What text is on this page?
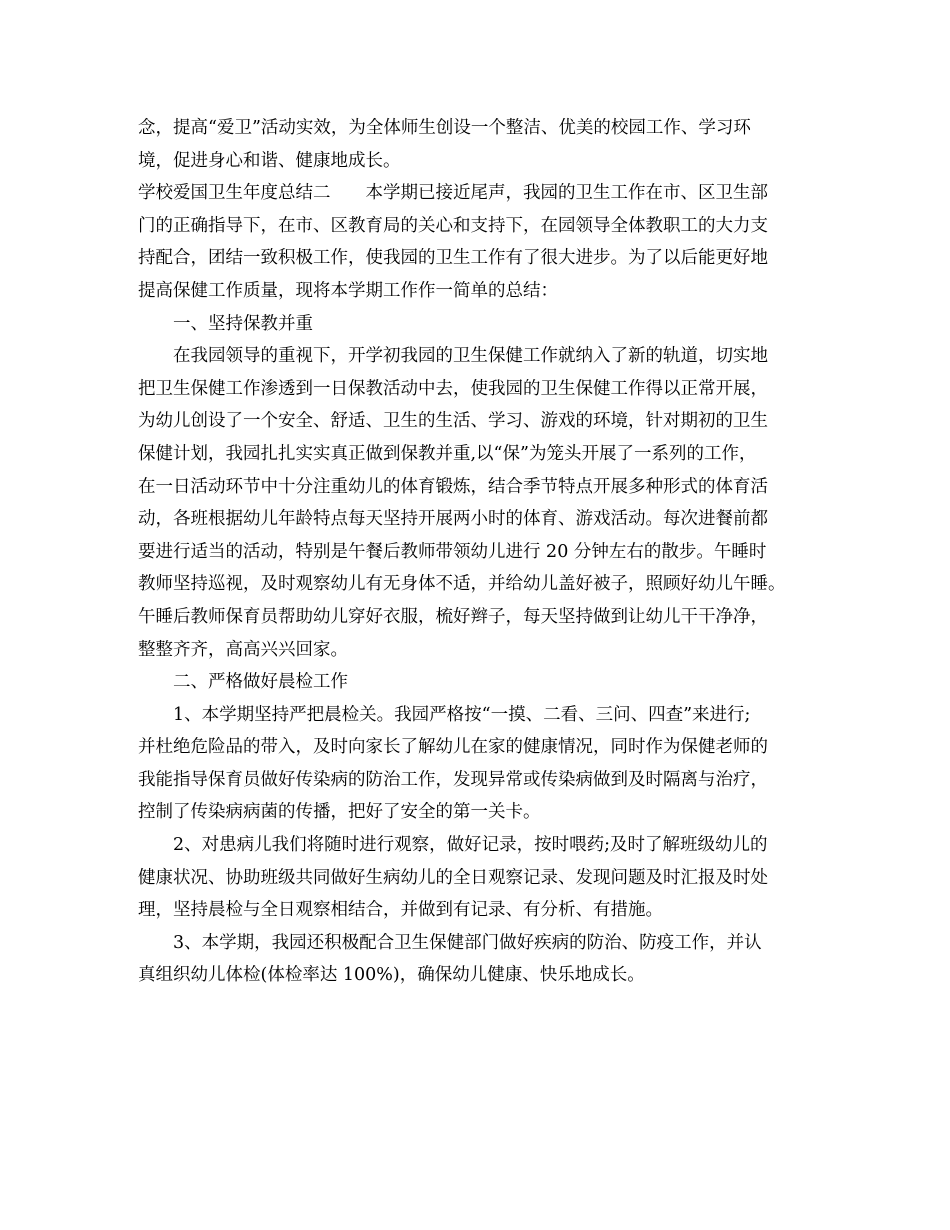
念，提高“爱卫”活动实效，为全体师生创设一个整洁、优美的校园工作、学习环
境，促进身心和谐、健康地成长。
学校爱国卫生年度总结二　　本学期已接近尾声，我园的卫生工作在市、区卫生部
门的正确指导下，在市、区教育局的关心和支持下，在园领导全体教职工的大力支
持配合，团结一致积极工作，使我园的卫生工作有了很大进步。为了以后能更好地
提高保健工作质量，现将本学期工作作一简单的总结：
一、坚持保教并重
在我园领导的重视下，开学初我园的卫生保健工作就纳入了新的轨道，切实地
把卫生保健工作渗透到一日保教活动中去，使我园的卫生保健工作得以正常开展，
为幼儿创设了一个安全、舒适、卫生的生活、学习、游戏的环境，针对期初的卫生
保健计划，我园扎扎实实真正做到保教并重,以“保”为笼头开展了一系列的工作，
在一日活动环节中十分注重幼儿的体育锻炼，结合季节特点开展多种形式的体育活
动，各班根据幼儿年龄特点每天坚持开展两小时的体育、游戏活动。每次进餐前都
要进行适当的活动，特别是午餐后教师带领幼儿进行 20 分钟左右的散步。午睡时
教师坚持巡视，及时观察幼儿有无身体不适，并给幼儿盖好被子，照顾好幼儿午睡。
午睡后教师保育员帮助幼儿穿好衣服，梳好辫子，每天坚持做到让幼儿干干净净，
整整齐齐，高高兴兴回家。
二、严格做好晨检工作
1、本学期坚持严把晨检关。我园严格按“一摸、二看、三问、四查”来进行;
并杜绝危险品的带入，及时向家长了解幼儿在家的健康情况，同时作为保健老师的
我能指导保育员做好传染病的防治工作，发现异常或传染病做到及时隔离与治疗，
控制了传染病病菌的传播，把好了安全的第一关卡。
2、对患病儿我们将随时进行观察，做好记录，按时喂药;及时了解班级幼儿的
健康状况、协助班级共同做好生病幼儿的全日观察记录、发现问题及时汇报及时处
理，坚持晨检与全日观察相结合，并做到有记录、有分析、有措施。
3、本学期，我园还积极配合卫生保健部门做好疾病的防治、防疫工作，并认
真组织幼儿体检(体检率达 100%)，确保幼儿健康、快乐地成长。
